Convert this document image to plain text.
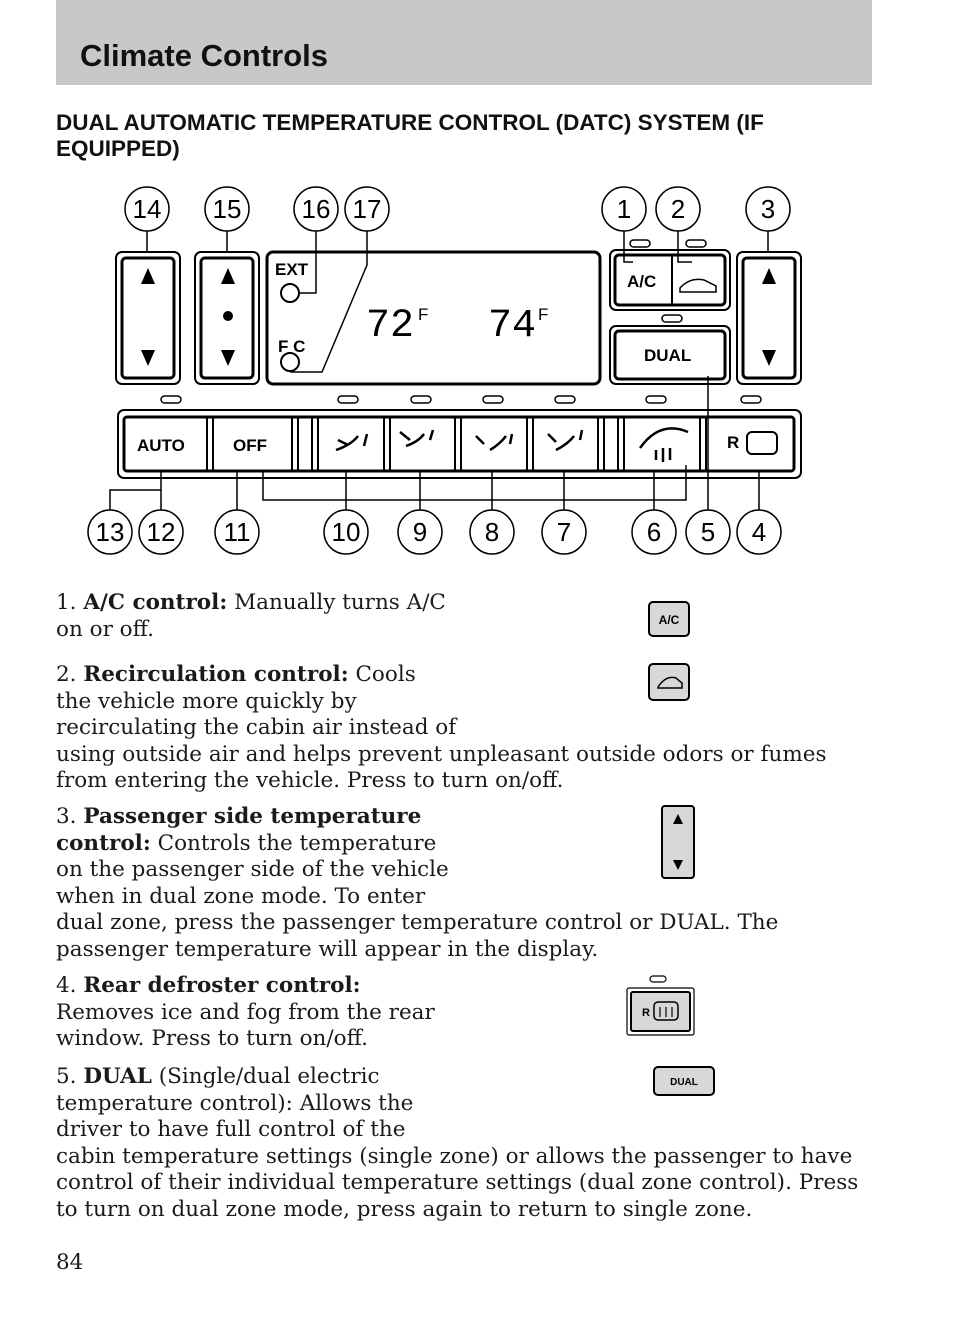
Climate Controls
DUAL AUTOMATIC TEMPERATURE CONTROL (DATC) SYSTEM (IF EQUIPPED)
EXT
F C
A/C
DUAL
AUTO	OFF	R
72 74
F	F
14 15 16 17	1 2	3
13 12 11	10 9 8 7	6 5 4
1. A/C control: Manually turns A/C
on or off.	A/C
2. Recirculation control: Cools
the vehicle more quickly by
recirculating the cabin air instead of
using outside air and helps prevent unpleasant outside odors or fumes
from entering the vehicle. Press to turn on/off.
3. Passenger side temperature
control: Controls the temperature
on the passenger side of the vehicle
when in dual zone mode. To enter
dual zone, press the passenger temperature control or DUAL. The
passenger temperature will appear in the display.
4. Rear defroster control:
Removes ice and fog from the rear
window. Press to turn on/off.
R
5. DUAL (Single/dual electric
temperature control): Allows the
driver to have full control of the
cabin temperature settings (single zone) or allows the passenger to have
control of their individual temperature settings (dual zone control). Press
to turn on dual zone mode, press again to return to single zone.
DUAL
84
